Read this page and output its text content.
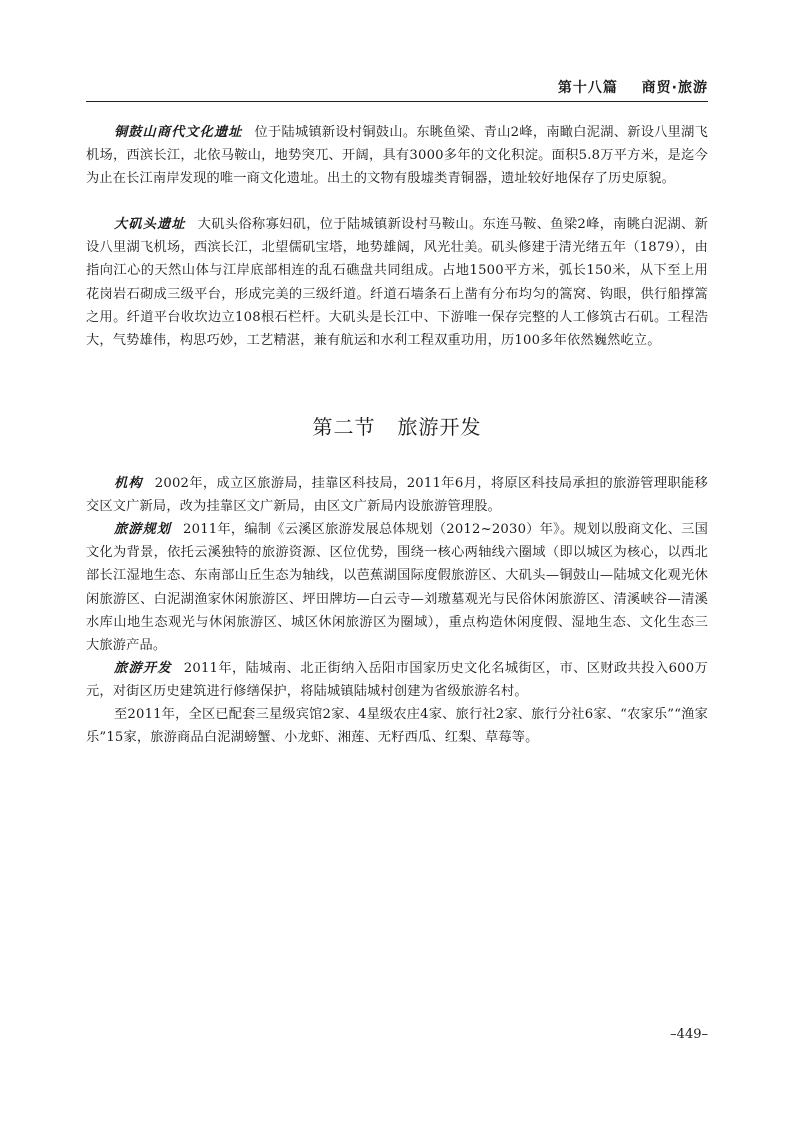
第十八篇 商贸·旅游

铜鼓山商代文化遗址 位于陆城镇新设村铜鼓山。东眺鱼梁、青山2峰，南瞰白泥湖、新设八里湖飞机场，西滨长江，北依马鞍山，地势突兀、开阔，具有3000多年的文化积淀。面积5.8万平方米，是迄今为止在长江南岸发现的唯一商文化遗址。出土的文物有殷墟类青铜器，遗址较好地保存了历史原貌。

大矶头遗址 大矶头俗称寡妇矶，位于陆城镇新设村马鞍山。东连马鞍、鱼梁2峰，南眺白泥湖、新设八里湖飞机场，西滨长江，北望儒矶宝塔，地势雄阔，风光壮美。矶头修建于清光绪五年（1879），由指向江心的天然山体与江岸底部相连的乱石礁盘共同组成。占地1500平方米，弧长150米，从下至上用花岗岩石砌成三级平台，形成完美的三级纤道。纤道石墙条石上凿有分布均匀的篙窝、钩眼，供行船撑篙之用。纤道平台收坎边立108根石栏杆。大矶头是长江中、下游唯一保存完整的人工修筑古石矶。工程浩大，气势雄伟，构思巧妙，工艺精湛，兼有航运和水利工程双重功用，历100多年依然巍然屹立。

第二节 旅游开发

机构 2002年，成立区旅游局，挂靠区科技局，2011年6月，将原区科技局承担的旅游管理职能移交区文广新局，改为挂靠区文广新局，由区文广新局内设旅游管理股。

旅游规划 2011年，编制《云溪区旅游发展总体规划（2012~2030）年》。规划以殷商文化、三国文化为背景，依托云溪独特的旅游资源、区位优势，围绕一核心两轴线六圈域（即以城区为核心，以西北部长江湿地生态、东南部山丘生态为轴线，以芭蕉湖国际度假旅游区、大矶头—铜鼓山—陆城文化观光休闲旅游区、白泥湖渔家休闲旅游区、坪田牌坊—白云寺—刘璈墓观光与民俗休闲旅游区、清溪峡谷—清溪水库山地生态观光与休闲旅游区、城区休闲旅游区为圈域），重点构造休闲度假、湿地生态、文化生态三大旅游产品。

旅游开发 2011年，陆城南、北正街纳入岳阳市国家历史文化名城街区，市、区财政共投入600万元，对街区历史建筑进行修缮保护，将陆城镇陆城村创建为省级旅游名村。

至2011年，全区已配套三星级宾馆2家、4星级农庄4家、旅行社2家、旅行分社6家、“农家乐”“渔家乐”15家，旅游商品白泥湖螃蟹、小龙虾、湘莲、无籽西瓜、红梨、草莓等。

–449–
